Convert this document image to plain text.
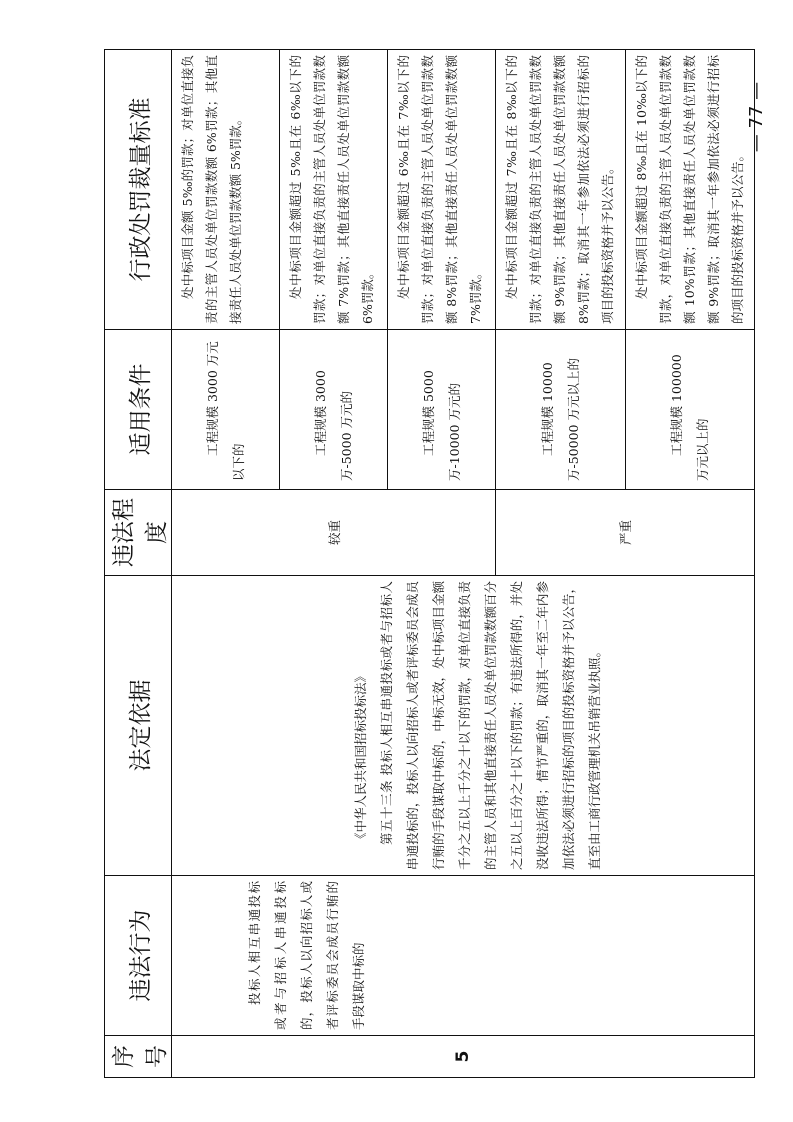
序号	违法行为	法定依据	违法程度	适用条件	行政处罚裁量标准
5	投标人相互串通投标或者与招标人串通投标的，投标人以向招标人或者评标委员会成员行贿的手段谋取中标的	《中华人民共和国招标投标法》 第五十三条 投标人相互串通投标或者与招标人串通投标的，投标人以向招标人或者评标委员会成员行贿的手段谋取中标的，中标无效，处中标项目金额千分之五以上千分之十以下的罚款，对单位直接负责的主管人员和其他直接责任人员处单位罚款数额百分之五以上百分之十以下的罚款；有违法所得的，并处没收违法所得；情节严重的，取消其一年至二年内参加依法必须进行招标的项目的投标资格并予以公告，直至由工商行政管理机关吊销营业执照。	较重	工程规模 3000 万元以下的	处中标项目金额 5‰的罚款；对单位直接负责的主管人员处单位罚款数额 6%罚款；其他直接责任人员处单位罚款数额 5%罚款。

				工程规模 3000 万-5000 万元的	处中标项目金额超过 5‰且在 6‰以下的罚款；对单位直接负责的主管人员处单位罚款数额 7%罚款；其他直接责任人员处单位罚款数额 6%罚款。

				工程规模 5000 万-10000 万元的	处中标项目金额超过 6‰且在 7‰以下的罚款；对单位直接负责的主管人员处单位罚款数额 8%罚款；其他直接责任人员处单位罚款数额 7%罚款。

			严重	工程规模 10000 万-50000 万元以上的	处中标项目金额超过 7‰且在 8‰以下的罚款；对单位直接负责的主管人员处单位罚款数额 9%罚款；其他直接责任人员处单位罚款数额 8%罚款；取消其一年参加依法必须进行招标的项目的投标资格并予以公告。

				工程规模 100000 万元以上的	处中标项目金额超过 8‰且在 10‰以下的罚款，对单位直接负责的主管人员处单位罚款数额 10%罚款；其他直接责任人员处单位罚款数额 9%罚款；取消其一年参加依法必须进行招标的项目的投标资格并予以公告。
— 77 —
